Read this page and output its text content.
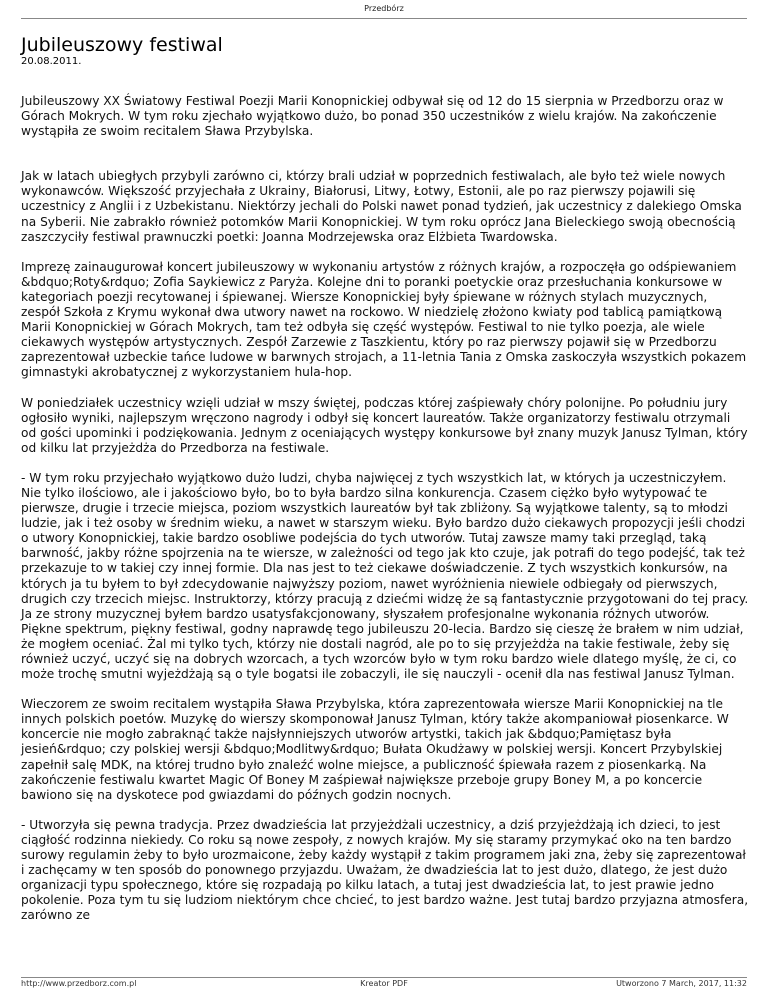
Przedbórz
Jubileuszowy festiwal
20.08.2011.

Jubileuszowy XX Światowy Festiwal Poezji Marii Konopnickiej odbywał się od 12 do 15 sierpnia w Przedborzu oraz w Górach Mokrych. W tym roku zjechało wyjątkowo dużo, bo ponad 350 uczestników z wielu krajów. Na zakończenie wystąpiła ze swoim recitalem Sława Przybylska.

Jak w latach ubiegłych przybyli zarówno ci, którzy brali udział w poprzednich festiwalach, ale było też wiele nowych wykonawców. Większość przyjechała z Ukrainy, Białorusi, Litwy, Łotwy, Estonii, ale po raz pierwszy pojawili się uczestnicy z Anglii i z Uzbekistanu. Niektórzy jechali do Polski nawet ponad tydzień, jak uczestnicy z dalekiego Omska na Syberii. Nie zabrakło również potomków Marii Konopnickiej. W tym roku oprócz Jana Bieleckiego swoją obecnością zaszczyciły festiwal prawnuczki poetki: Joanna Modrzejewska oraz Elżbieta Twardowska.

Imprezę zainaugurował koncert jubileuszowy w wykonaniu artystów z różnych krajów, a rozpoczęła go odśpiewaniem &bdquo;Roty&rdquo; Zofia Saykiewicz z Paryża. Kolejne dni to poranki poetyckie oraz przesłuchania konkursowe w kategoriach poezji recytowanej i śpiewanej. Wiersze Konopnickiej były śpiewane w różnych stylach muzycznych, zespół Szkoła z Krymu wykonał dwa utwory nawet na rockowo. W niedzielę złożono kwiaty pod tablicą pamiątkową Marii Konopnickiej w Górach Mokrych, tam też odbyła się część występów. Festiwal to nie tylko poezja, ale wiele ciekawych występów artystycznych. Zespół Zarzewie z Taszkientu, który po raz pierwszy pojawił się w Przedborzu zaprezentował uzbeckie tańce ludowe w barwnych strojach, a 11-letnia Tania z Omska zaskoczyła wszystkich pokazem gimnastyki akrobatycznej z wykorzystaniem hula-hop.

W poniedziałek uczestnicy wzięli udział w mszy świętej, podczas której zaśpiewały chóry polonijne. Po południu jury ogłosiło wyniki, najlepszym wręczono nagrody i odbył się koncert laureatów. Także organizatorzy festiwalu otrzymali od gości upominki i podziękowania. Jednym z oceniających występy konkursowe był znany muzyk Janusz Tylman, który od kilku lat przyjeżdża do Przedborza na festiwale.

- W tym roku przyjechało wyjątkowo dużo ludzi, chyba najwięcej z tych wszystkich lat, w których ja uczestniczyłem. Nie tylko ilościowo, ale i jakościowo było, bo to była bardzo silna konkurencja. Czasem ciężko było wytypować te pierwsze, drugie i trzecie miejsca, poziom wszystkich laureatów był tak zbliżony. Są wyjątkowe talenty, są to młodzi ludzie, jak i też osoby w średnim wieku, a nawet w starszym wieku. Było bardzo dużo ciekawych propozycji jeśli chodzi o utwory Konopnickiej, takie bardzo osobliwe podejścia do tych utworów. Tutaj zawsze mamy taki przegląd, taką barwność, jakby różne spojrzenia na te wiersze, w zależności od tego jak kto czuje, jak potrafi do tego podejść, tak też przekazuje to w takiej czy innej formie. Dla nas jest to też ciekawe doświadczenie. Z tych wszystkich konkursów, na których ja tu byłem to był zdecydowanie najwyższy poziom, nawet wyróżnienia niewiele odbiegały od pierwszych, drugich czy trzecich miejsc. Instruktorzy, którzy pracują z dziećmi widzę że są fantastycznie przygotowani do tej pracy. Ja ze strony muzycznej byłem bardzo usatysfakcjonowany, słyszałem profesjonalne wykonania różnych utworów. Piękne spektrum, piękny festiwal, godny naprawdę tego jubileuszu 20-lecia. Bardzo się cieszę że brałem w nim udział, że mogłem oceniać. Żal mi tylko tych, którzy nie dostali nagród, ale po to się przyjeżdża na takie festiwale, żeby się również uczyć, uczyć się na dobrych wzorcach, a tych wzorców było w tym roku bardzo wiele dlatego myślę, że ci, co może trochę smutni wyjeżdżają są o tyle bogatsi ile zobaczyli, ile się nauczyli - ocenił dla nas festiwal Janusz Tylman.

Wieczorem ze swoim recitalem wystąpiła Sława Przybylska, która zaprezentowała wiersze Marii Konopnickiej na tle innych polskich poetów. Muzykę do wierszy skomponował Janusz Tylman, który także akompaniował piosenkarce. W koncercie nie mogło zabraknąć także najsłynniejszych utworów artystki, takich jak &bdquo;Pamiętasz była jesień&rdquo; czy polskiej wersji &bdquo;Modlitwy&rdquo; Bułata Okudżawy w polskiej wersji. Koncert Przybylskiej zapełnił salę MDK, na której trudno było znaleźć wolne miejsce, a publiczność śpiewała razem z piosenkarką. Na zakończenie festiwalu kwartet Magic Of Boney M zaśpiewał największe przeboje grupy Boney M, a po koncercie bawiono się na dyskotece pod gwiazdami do późnych godzin nocnych.

- Utworzyła się pewna tradycja. Przez dwadzieścia lat przyjeżdżali uczestnicy, a dziś przyjeżdżają ich dzieci, to jest ciągłość rodzinna niekiedy. Co roku są nowe zespoły, z nowych krajów. My się staramy przymykać oko na ten bardzo surowy regulamin żeby to było urozmaicone, żeby każdy wystąpił z takim programem jaki zna, żeby się zaprezentował i zachęcamy w ten sposób do ponownego przyjazdu. Uważam, że dwadzieścia lat to jest dużo, dlatego, że jest dużo organizacji typu społecznego, które się rozpadają po kilku latach, a tutaj jest dwadzieścia lat, to jest prawie jedno pokolenie. Poza tym tu się ludziom niektórym chce chcieć, to jest bardzo ważne. Jest tutaj bardzo przyjazna atmosfera, zarówno ze

http://www.przedborz.com.pl	Kreator PDF	Utworzono 7 March, 2017, 11:32
